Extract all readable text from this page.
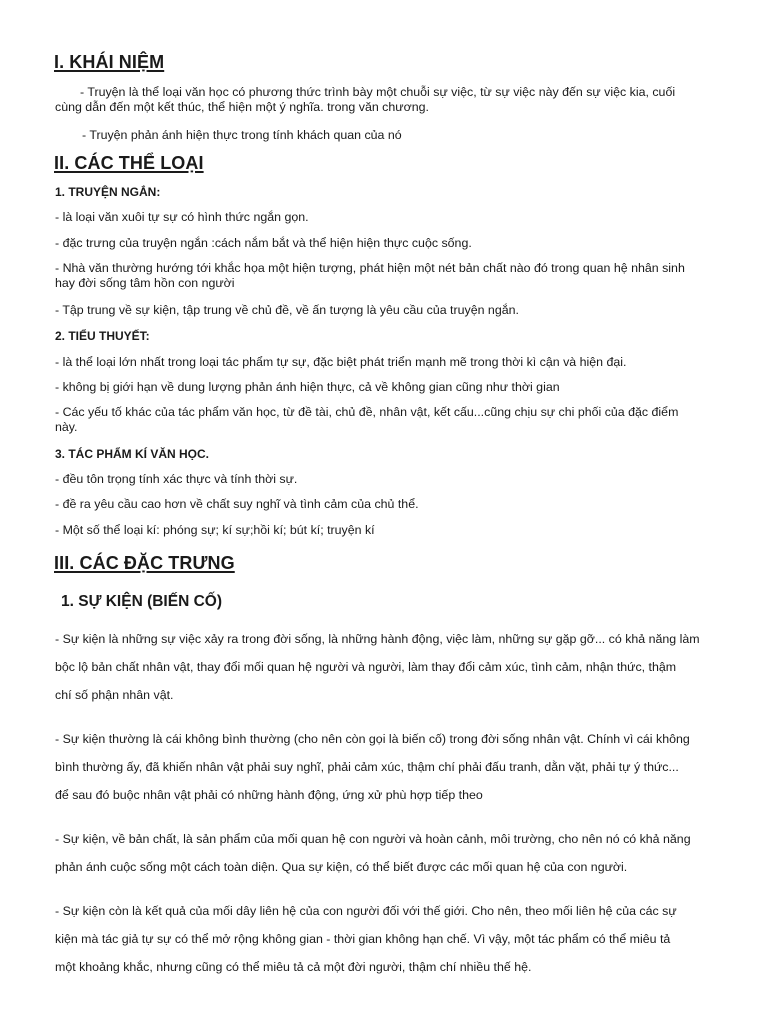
I. KHÁI NIỆM
- Truyện là thể loại văn học có phương thức trình bày một chuỗi sự việc, từ sự việc này đến sự việc kia, cuối
cùng dẫn đến một kết thúc, thể hiện một ý nghĩa. trong văn chương.
- Truyện phản ánh hiện thực trong tính khách quan của nó
II. CÁC THỂ LOẠI
1. TRUYỆN NGẮN:
- là loại văn xuôi tự sự có hình thức ngắn gọn.
- đặc trưng của truyện ngắn :cách nắm bắt và thể hiện hiện thực cuộc sống.
- Nhà văn thường hướng tới khắc họa một hiện tượng, phát hiện một nét bản chất nào đó trong quan hệ nhân sinh
hay đời sống tâm hồn con người
- Tập trung về sự kiện, tập trung về chủ đề, về ấn tượng là yêu cầu của truyện ngắn.
2. TIỂU THUYẾT:
- là thể loại lớn nhất trong loại tác phẩm tự sự, đặc biệt phát triển mạnh mẽ trong thời kì cận và hiện đại.
- không bị giới hạn về dung lượng phản ánh hiện thực, cả về không gian cũng như thời gian
- Các yếu tố khác của tác phẩm văn học, từ đề tài, chủ đề, nhân vật, kết cấu...cũng chịu sự chi phối của đặc điểm
này.
3. TÁC PHẨM KÍ VĂN HỌC.
- đều tôn trọng tính xác thực và tính thời sự.
- đề ra yêu cầu cao hơn về chất suy nghĩ và tình cảm của chủ thể.
- Một số thể loại kí: phóng sự; kí sự;hồi kí; bút kí; truyện kí
III. CÁC ĐẶC TRƯNG
1. SỰ KIỆN (BIẾN CỐ)
- Sự kiện là những sự việc xảy ra trong đời sống, là những hành động, việc làm, những sự gặp gỡ... có khả năng làm
bộc lộ bản chất nhân vật, thay đổi mối quan hệ người và người, làm thay đổi cảm xúc, tình cảm, nhận thức, thậm
chí số phận nhân vật.
- Sự kiện thường là cái không bình thường (cho nên còn gọi là biến cố) trong đời sống nhân vật. Chính vì cái không
bình thường ấy, đã khiến nhân vật phải suy nghĩ, phải cảm xúc, thậm chí phải đấu tranh, dằn vặt, phải tự ý thức...
để sau đó buộc nhân vật phải có những hành động, ứng xử phù hợp tiếp theo
- Sự kiện, về bản chất, là sản phẩm của mối quan hệ con người và hoàn cảnh, môi trường, cho nên nó có khả năng
phản ánh cuộc sống một cách toàn diện. Qua sự kiện, có thể biết được các mối quan hệ của con người.
- Sự kiện còn là kết quả của mối dây liên hệ của con người đối với thế giới. Cho nên, theo mối liên hệ của các sự
kiện mà tác giả tự sự có thể mở rộng không gian - thời gian không hạn chế. Vì vậy, một tác phẩm có thể miêu tả
một khoảng khắc, nhưng cũng có thể miêu tả cả một đời người, thậm chí nhiều thế hệ.
